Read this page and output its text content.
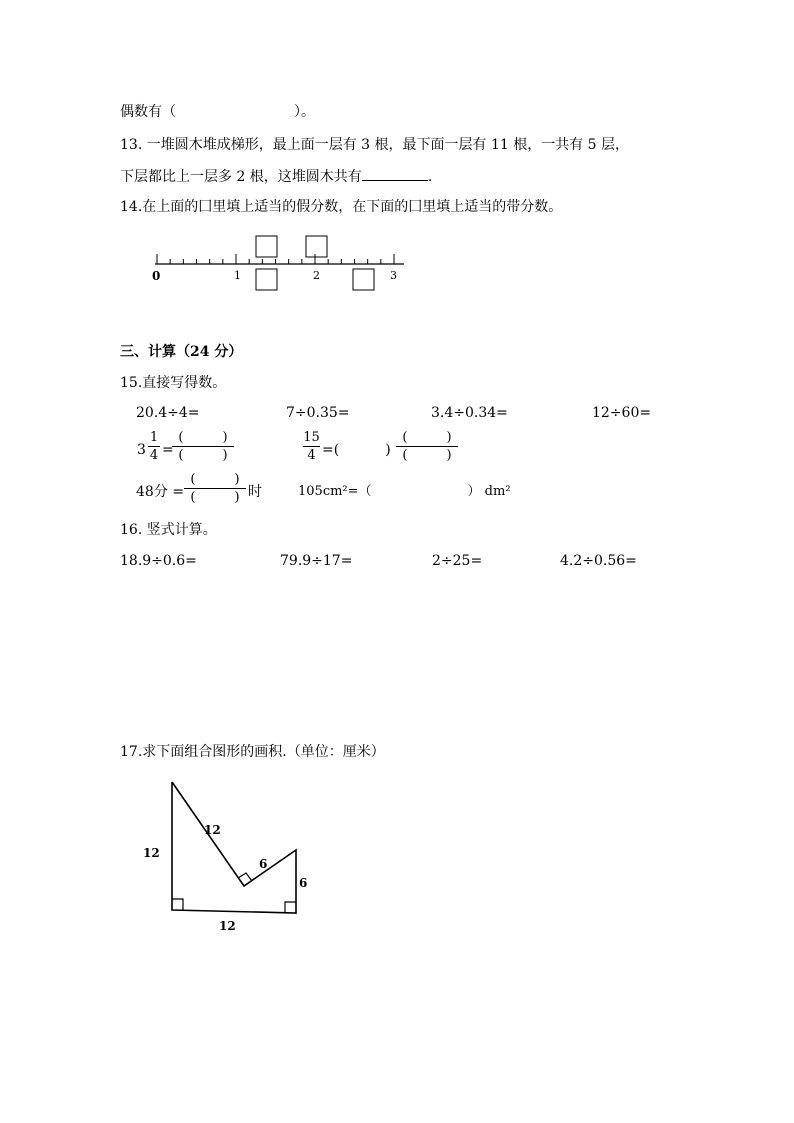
偶数有（	）。
13. 一堆圆木堆成梯形，最上面一层有 3 根，最下面一层有 11 根，一共有 5 层，
下层都比上一层多 2 根，这堆圆木共有	.
14.在上面的囗里填上适当的假分数，在下面的囗里填上适当的带分数。
0	1	2	3
三、计算（24 分）
15.直接写得数。
20.4÷4=	7÷0.35=	3.4÷0.34=	12÷60=
3
1
4 =
(　　　)
(　　　)
15
4 =(	)
(　　　)
(　　　)
48分 =
(　　　)
(　　　) 时	105cm²=（	） dm²
16. 竖式计算。
18.9÷0.6=	79.9÷17=	2÷25=	4.2÷0.56=
17.求下面组合图形的画积.（单位：厘米）
12
12
6
6
12
